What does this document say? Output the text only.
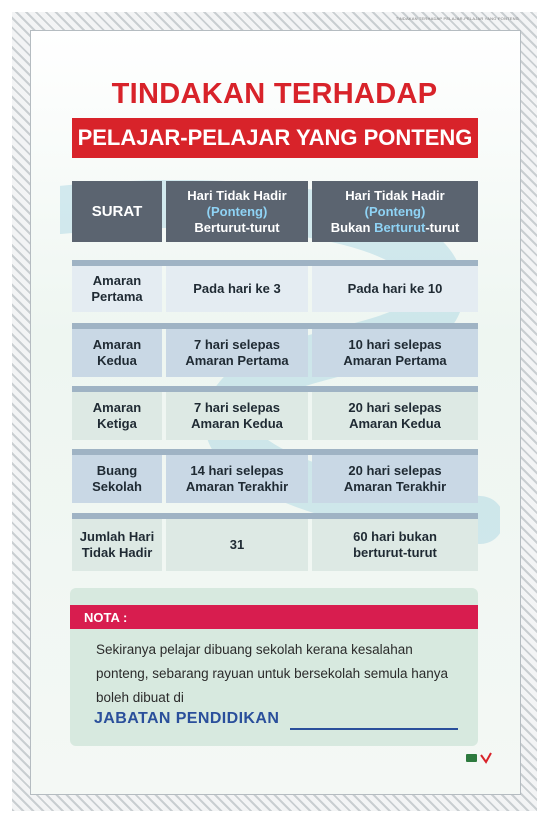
TINDAKAN TERHADAP PELAJAR-PELAJAR YANG PONTENG
TINDAKAN TERHADAP
PELAJAR-PELAJAR YANG PONTENG
SURAT
Hari Tidak Hadir
(Ponteng)
Berturut-turut
Hari Tidak Hadir
(Ponteng)
Bukan Berturut-turut
Amaran
Pertama
Pada hari ke 3	Pada hari ke 10
Amaran
Kedua
7 hari selepas
Amaran Pertama
10 hari selepas
Amaran Pertama
Amaran
Ketiga
7 hari selepas
Amaran Kedua
20 hari selepas
Amaran Kedua
Buang
Sekolah
14 hari selepas
Amaran Terakhir
20 hari selepas
Amaran Terakhir
Jumlah Hari
Tidak Hadir
31
60 hari bukan
berturut-turut
NOTA :
Sekiranya pelajar dibuang sekolah kerana kesalahan ponteng, sebarang rayuan untuk bersekolah semula hanya boleh dibuat di
JABATAN PENDIDIKAN
